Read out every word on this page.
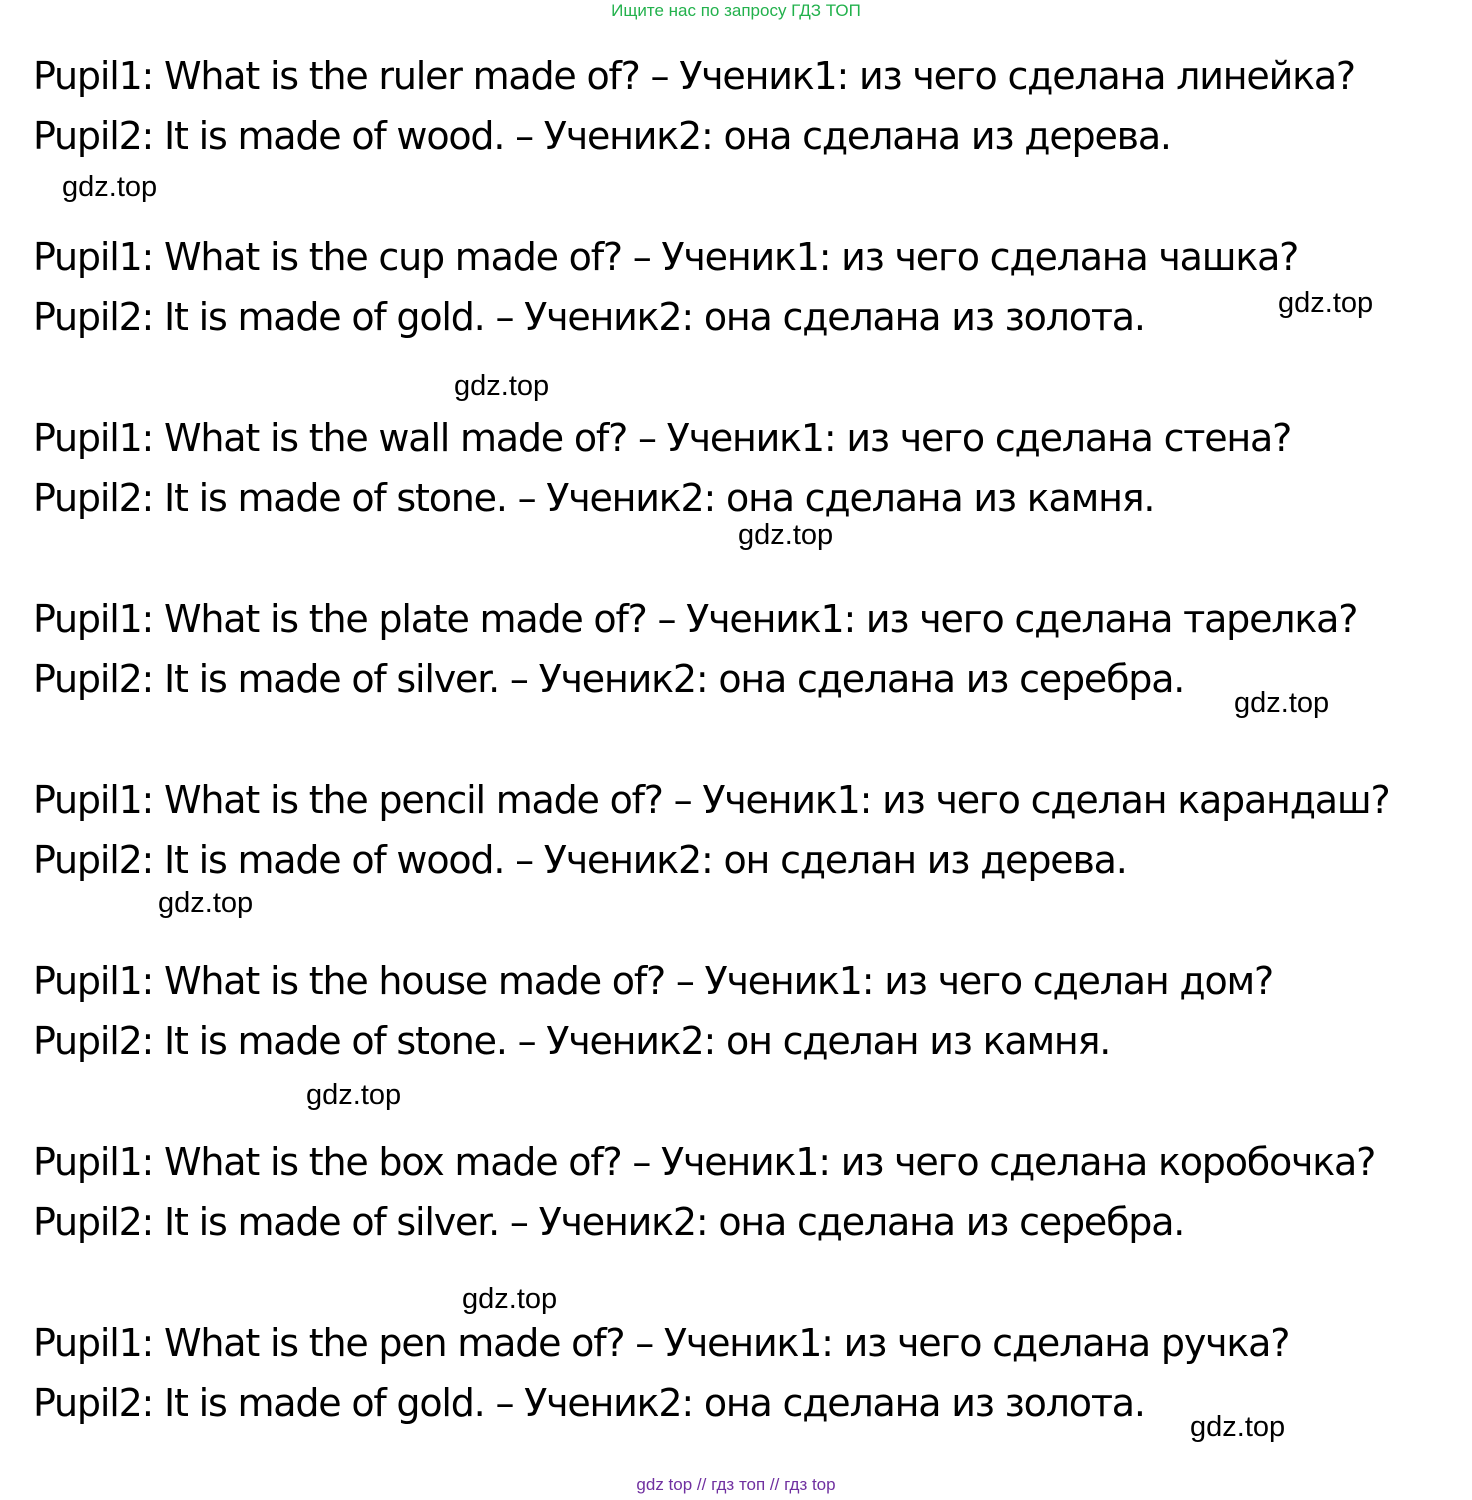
Ищите нас по запросу ГДЗ ТОП
Pupil1: What is the ruler made of? – Ученик1: из чего сделана линейка?
Pupil2: It is made of wood. – Ученик2: она сделана из дерева.
gdz.top
Pupil1: What is the cup made of? – Ученик1: из чего сделана чашка?
Pupil2: It is made of gold. – Ученик2: она сделана из золота.	gdz.top
gdz.top
Pupil1: What is the wall made of? – Ученик1: из чего сделана стена?
Pupil2: It is made of stone. – Ученик2: она сделана из камня.
gdz.top
Pupil1: What is the plate made of? – Ученик1: из чего сделана тарелка?
Pupil2: It is made of silver. – Ученик2: она сделана из серебра.
gdz.top
Pupil1: What is the pencil made of? – Ученик1: из чего сделан карандаш?
Pupil2: It is made of wood. – Ученик2: он сделан из дерева.
gdz.top
Pupil1: What is the house made of? – Ученик1: из чего сделан дом?
Pupil2: It is made of stone. – Ученик2: он сделан из камня.
gdz.top
Pupil1: What is the box made of? – Ученик1: из чего сделана коробочка?
Pupil2: It is made of silver. – Ученик2: она сделана из серебра.
gdz.top
Pupil1: What is the pen made of? – Ученик1: из чего сделана ручка?
Pupil2: It is made of gold. – Ученик2: она сделана из золота.
gdz.top
gdz top // гдз топ // гдз top
